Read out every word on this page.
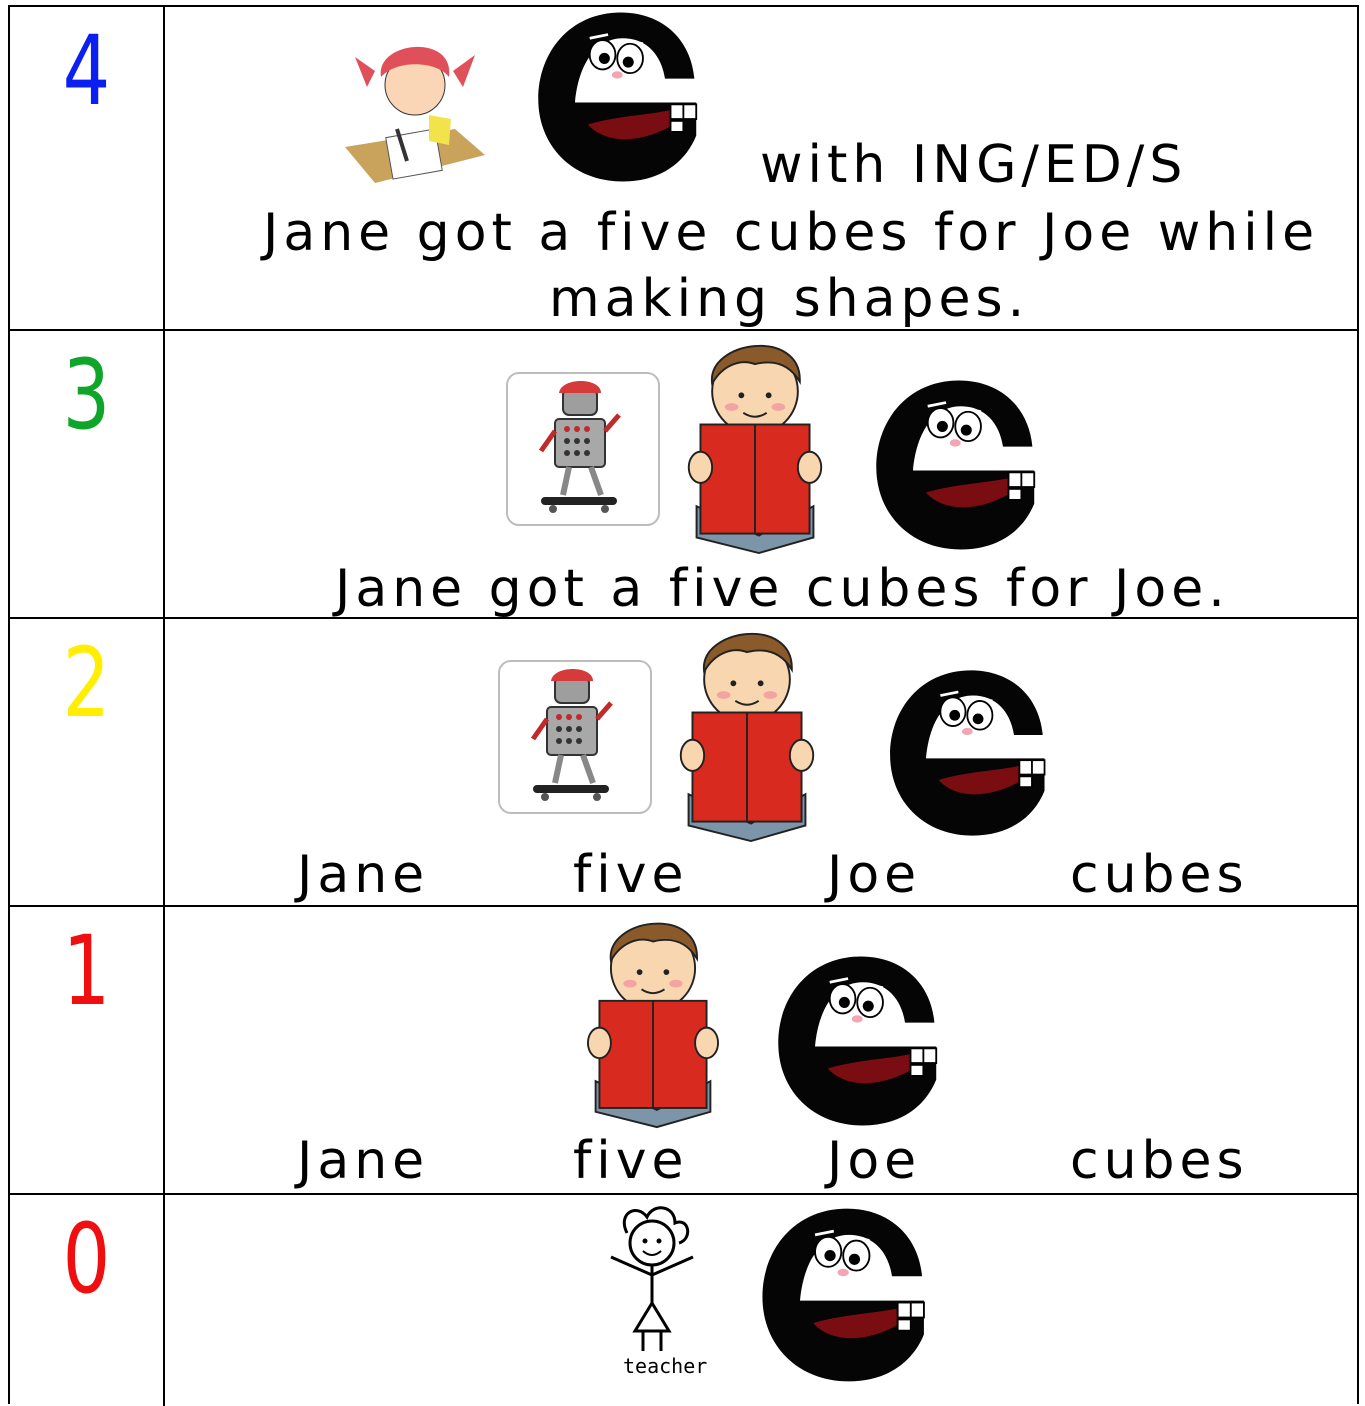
4
with ING/ED/S
Jane got a five cubes for Joe while
making shapes.
3
Jane got a five cubes for Joe.
2
Jane	five	Joe	cubes
1
Jane	five	Joe	cubes
0
teacher
